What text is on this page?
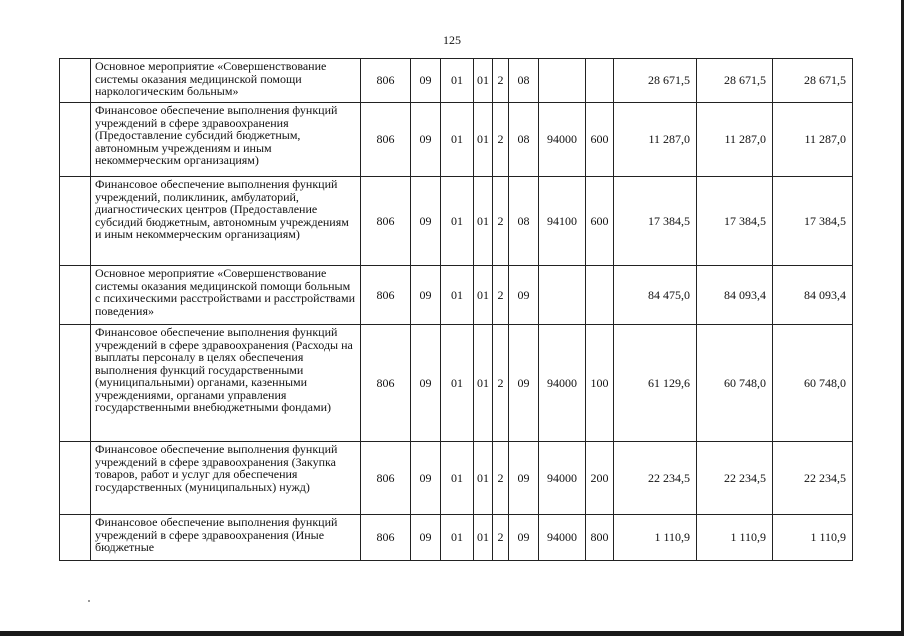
125
	Основное мероприятие «Совершенствование системы оказания медицинской помощи наркологическим больным»	806	09	01	01	2	08			28 671,5	28 671,5	28 671,5
	Финансовое обеспечение выполнения функций учреждений в сфере здравоохранения (Предоставление субсидий бюджетным, автономным учреждениям и иным некоммерческим организациям)	806	09	01	01	2	08	94000	600	11 287,0	11 287,0	11 287,0
	Финансовое обеспечение выполнения функций учреждений, поликлиник, амбулаторий, диагностических центров (Предоставление субсидий бюджетным, автономным учреждениям и иным некоммерческим организациям)	806	09	01	01	2	08	94100	600	17 384,5	17 384,5	17 384,5
	Основное мероприятие «Совершенствование системы оказания медицинской помощи больным с психическими расстройствами и расстройствами поведения»	806	09	01	01	2	09			84 475,0	84 093,4	84 093,4
	Финансовое обеспечение выполнения функций учреждений в сфере здравоохранения (Расходы на выплаты персоналу в целях обеспечения выполнения функций государственными (муниципальными) органами, казенными учреждениями, органами управления государственными внебюджетными фондами)	806	09	01	01	2	09	94000	100	61 129,6	60 748,0	60 748,0
	Финансовое обеспечение выполнения функций учреждений в сфере здравоохранения (Закупка товаров, работ и услуг для обеспечения государственных (муниципальных) нужд)	806	09	01	01	2	09	94000	200	22 234,5	22 234,5	22 234,5
	Финансовое обеспечение выполнения функций учреждений в сфере здравоохранения (Иные бюджетные	806	09	01	01	2	09	94000	800	1 110,9	1 110,9	1 110,9
